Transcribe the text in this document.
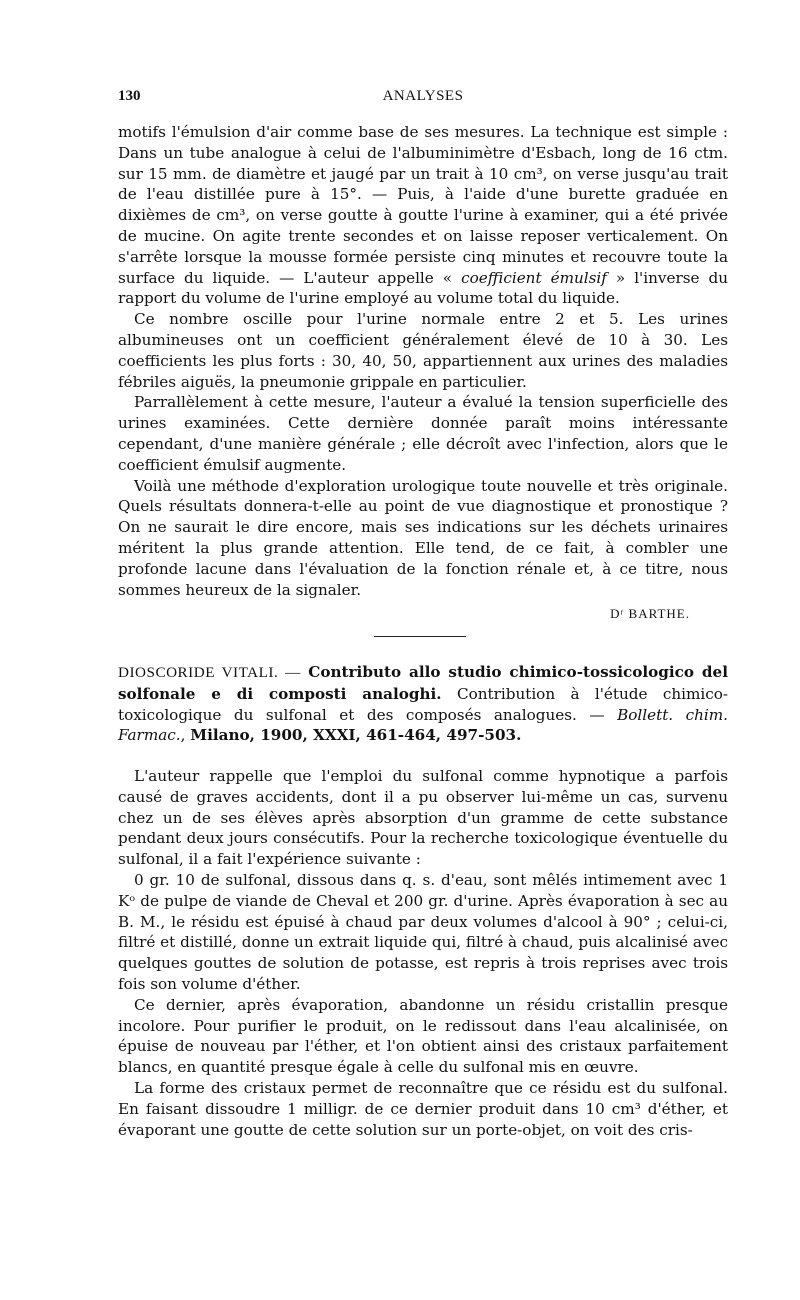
130	ANALYSES

motifs l'émulsion d'air comme base de ses mesures. La technique est simple : Dans un tube analogue à celui de l'albuminimètre d'Esbach, long de 16 ctm. sur 15 mm. de diamètre et jaugé par un trait à 10 cm³, on verse jusqu'au trait de l'eau distillée pure à 15°. — Puis, à l'aide d'une burette graduée en dixièmes de cm³, on verse goutte à goutte l'urine à examiner, qui a été privée de mucine. On agite trente secondes et on laisse reposer verticalement. On s'arrête lorsque la mousse formée persiste cinq minutes et recouvre toute la surface du liquide. — L'auteur appelle « coefficient émulsif » l'inverse du rapport du volume de l'urine employé au volume total du liquide.

Ce nombre oscille pour l'urine normale entre 2 et 5. Les urines albumineuses ont un coefficient généralement élevé de 10 à 30. Les coefficients les plus forts : 30, 40, 50, appartiennent aux urines des maladies fébriles aiguës, la pneumonie grippale en particulier.

Parrallèlement à cette mesure, l'auteur a évalué la tension superficielle des urines examinées. Cette dernière donnée paraît moins intéressante cependant, d'une manière générale ; elle décroît avec l'infection, alors que le coefficient émulsif augmente.

Voilà une méthode d'exploration urologique toute nouvelle et très originale. Quels résultats donnera-t-elle au point de vue diagnostique et pronostique ? On ne saurait le dire encore, mais ses indications sur les déchets urinaires méritent la plus grande attention. Elle tend, de ce fait, à combler une profonde lacune dans l'évaluation de la fonction rénale et, à ce titre, nous sommes heureux de la signaler.

Dʳ BARTHE.

DIOSCORIDE VITALI. — Contributo allo studio chimico-tossicologico del solfonale e di composti analoghi. Contribution à l'étude chimico-toxicologique du sulfonal et des composés analogues. — Bollett. chim. Farmac., Milano, 1900, XXXI, 461-464, 497-503.

L'auteur rappelle que l'emploi du sulfonal comme hypnotique a parfois causé de graves accidents, dont il a pu observer lui-même un cas, survenu chez un de ses élèves après absorption d'un gramme de cette substance pendant deux jours consécutifs. Pour la recherche toxicologique éventuelle du sulfonal, il a fait l'expérience suivante :

0 gr. 10 de sulfonal, dissous dans q. s. d'eau, sont mêlés intimement avec 1 Kᵒ de pulpe de viande de Cheval et 200 gr. d'urine. Après évaporation à sec au B. M., le résidu est épuisé à chaud par deux volumes d'alcool à 90° ; celui-ci, filtré et distillé, donne un extrait liquide qui, filtré à chaud, puis alcalinisé avec quelques gouttes de solution de potasse, est repris à trois reprises avec trois fois son volume d'éther.

Ce dernier, après évaporation, abandonne un résidu cristallin presque incolore. Pour purifier le produit, on le redissout dans l'eau alcalinisée, on épuise de nouveau par l'éther, et l'on obtient ainsi des cristaux parfaitement blancs, en quantité presque égale à celle du sulfonal mis en œuvre.

La forme des cristaux permet de reconnaître que ce résidu est du sulfonal. En faisant dissoudre 1 milligr. de ce dernier produit dans 10 cm³ d'éther, et évaporant une goutte de cette solution sur un porte-objet, on voit des cris-
